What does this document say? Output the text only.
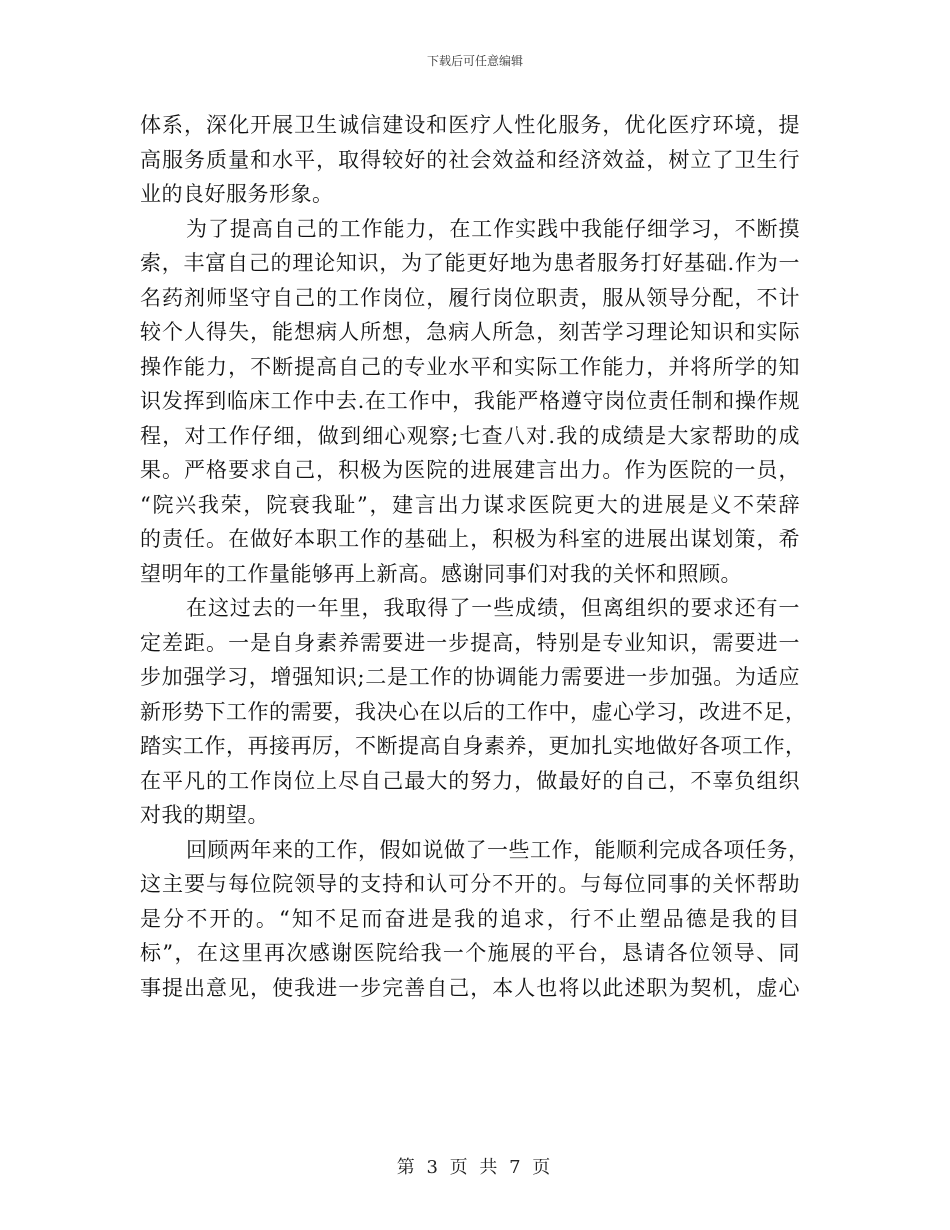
下载后可任意编辑
体系，深化开展卫生诚信建设和医疗人性化服务，优化医疗环境，提
高服务质量和水平，取得较好的社会效益和经济效益，树立了卫生行
业的良好服务形象。
为了提高自己的工作能力，在工作实践中我能仔细学习，不断摸
索，丰富自己的理论知识，为了能更好地为患者服务打好基础.作为一
名药剂师坚守自己的工作岗位，履行岗位职责，服从领导分配，不计
较个人得失，能想病人所想，急病人所急，刻苦学习理论知识和实际
操作能力，不断提高自己的专业水平和实际工作能力，并将所学的知
识发挥到临床工作中去.在工作中，我能严格遵守岗位责任制和操作规
程，对工作仔细，做到细心观察;七查八对.我的成绩是大家帮助的成
果。严格要求自己，积极为医院的进展建言出力。作为医院的一员，
“院兴我荣，院衰我耻”，建言出力谋求医院更大的进展是义不荣辞
的责任。在做好本职工作的基础上，积极为科室的进展出谋划策，希
望明年的工作量能够再上新高。感谢同事们对我的关怀和照顾。
在这过去的一年里，我取得了一些成绩，但离组织的要求还有一
定差距。一是自身素养需要进一步提高，特别是专业知识，需要进一
步加强学习，增强知识;二是工作的协调能力需要进一步加强。为适应
新形势下工作的需要，我决心在以后的工作中，虚心学习，改进不足，
踏实工作，再接再厉，不断提高自身素养，更加扎实地做好各项工作，
在平凡的工作岗位上尽自己最大的努力，做最好的自己，不辜负组织
对我的期望。
回顾两年来的工作，假如说做了一些工作，能顺利完成各项任务，
这主要与每位院领导的支持和认可分不开的。与每位同事的关怀帮助
是分不开的。“知不足而奋进是我的追求，行不止塑品德是我的目
标”，在这里再次感谢医院给我一个施展的平台，恳请各位领导、同
事提出意见，使我进一步完善自己，本人也将以此述职为契机，虚心
第 3 页 共 7 页
